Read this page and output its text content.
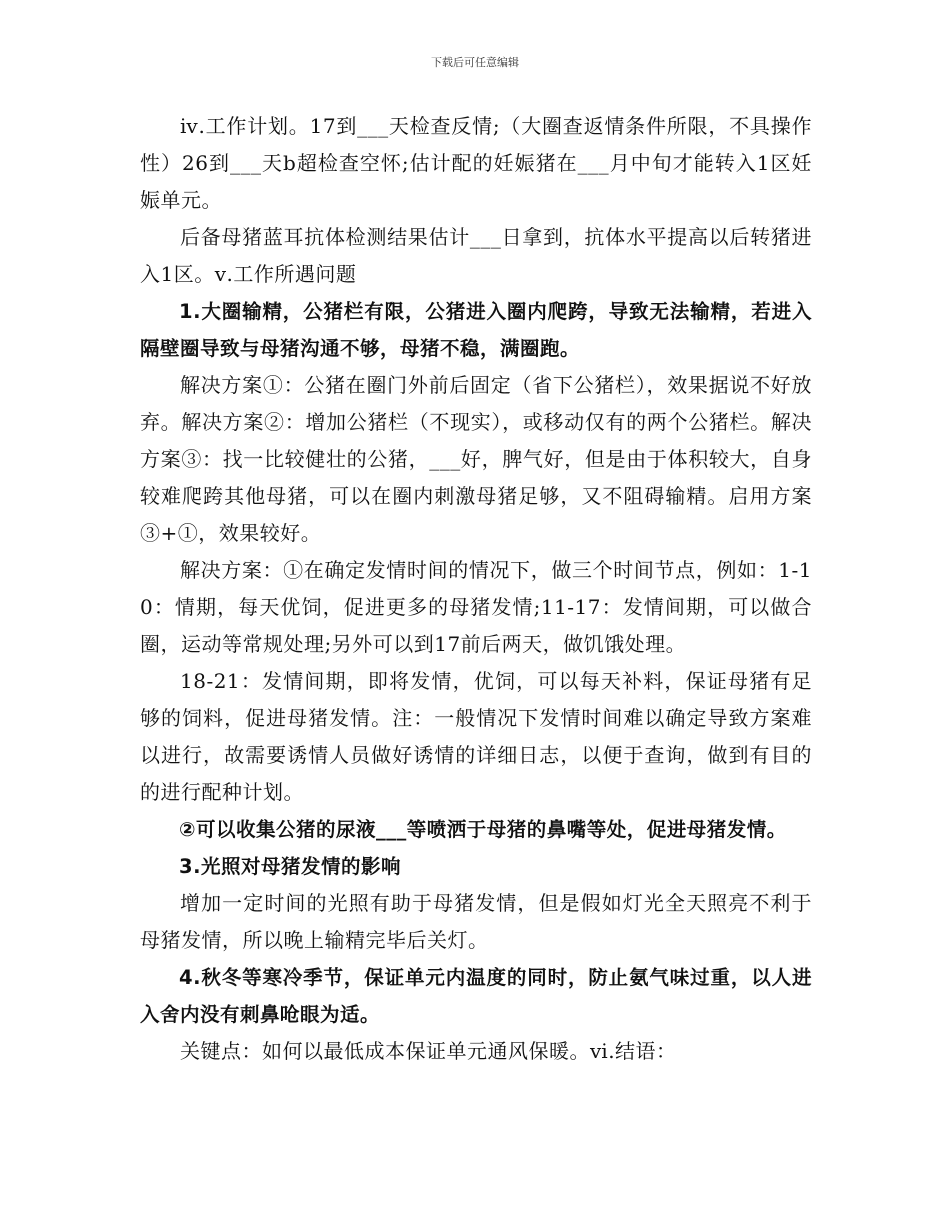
下载后可任意编辑

ⅳ.工作计划。17到___天检查反情;（大圈查返情条件所限，不具操作性）26到___天b超检查空怀;估计配的妊娠猪在___月中旬才能转入1区妊娠单元。

后备母猪蓝耳抗体检测结果估计___日拿到，抗体水平提高以后转猪进入1区。ⅴ.工作所遇问题

1.大圈输精，公猪栏有限，公猪进入圈内爬跨，导致无法输精，若进入隔壁圈导致与母猪沟通不够，母猪不稳，满圈跑。

解决方案①：公猪在圈门外前后固定（省下公猪栏），效果据说不好放弃。解决方案②：增加公猪栏（不现实），或移动仅有的两个公猪栏。解决方案③：找一比较健壮的公猪，___好，脾气好，但是由于体积较大，自身较难爬跨其他母猪，可以在圈内刺激母猪足够，又不阻碍输精。启用方案③+①，效果较好。

解决方案：①在确定发情时间的情况下，做三个时间节点，例如：1-10：情期，每天优饲，促进更多的母猪发情;11-17：发情间期，可以做合圈，运动等常规处理;另外可以到17前后两天，做饥饿处理。

18-21：发情间期，即将发情，优饲，可以每天补料，保证母猪有足够的饲料，促进母猪发情。注：一般情况下发情时间难以确定导致方案难以进行，故需要诱情人员做好诱情的详细日志，以便于查询，做到有目的的进行配种计划。

②可以收集公猪的尿液___等喷洒于母猪的鼻嘴等处，促进母猪发情。

3.光照对母猪发情的影响

增加一定时间的光照有助于母猪发情，但是假如灯光全天照亮不利于母猪发情，所以晚上输精完毕后关灯。

4.秋冬等寒冷季节，保证单元内温度的同时，防止氨气味过重，以人进入舍内没有刺鼻呛眼为适。

关键点：如何以最低成本保证单元通风保暖。ⅵ.结语：
